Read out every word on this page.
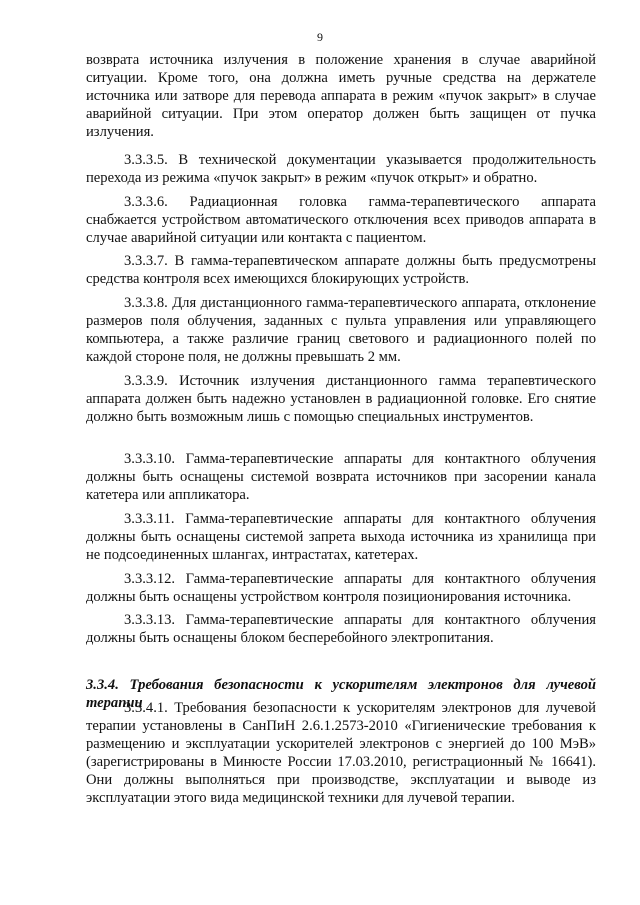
9

возврата источника излучения в положение хранения в случае аварийной ситуации. Кроме того, она должна иметь ручные средства на держателе источника или затворе для перевода аппарата в режим «пучок закрыт» в случае аварийной ситуации. При этом оператор должен быть защищен от пучка излучения.

3.3.3.5. В технической документации указывается продолжительность перехода из режима «пучок закрыт» в режим «пучок открыт» и обратно.

3.3.3.6. Радиационная головка гамма-терапевтического аппарата снабжается устройством автоматического отключения всех приводов аппарата в случае аварийной ситуации или контакта с пациентом.

3.3.3.7. В гамма-терапевтическом аппарате должны быть предусмотрены средства контроля всех имеющихся блокирующих устройств.

3.3.3.8. Для дистанционного гамма-терапевтического аппарата, отклонение размеров поля облучения, заданных с пульта управления или управляющего компьютера, а также различие границ светового и радиационного полей по каждой стороне поля, не должны превышать 2 мм.

3.3.3.9. Источник излучения дистанционного гамма терапевтического аппарата должен быть надежно установлен в радиационной головке. Его снятие должно быть возможным лишь с помощью специальных инструментов.

3.3.3.10. Гамма-терапевтические аппараты для контактного облучения должны быть оснащены системой возврата источников при засорении канала катетера или аппликатора.

3.3.3.11. Гамма-терапевтические аппараты для контактного облучения должны быть оснащены системой запрета выхода источника из хранилища при не подсоединенных шлангах, интрастатах, катетерах.

3.3.3.12. Гамма-терапевтические аппараты для контактного облучения должны быть оснащены устройством контроля позиционирования источника.

3.3.3.13. Гамма-терапевтические аппараты для контактного облучения должны быть оснащены блоком бесперебойного электропитания.

3.3.4. Требования безопасности к ускорителям электронов для лучевой терапии

3.3.4.1. Требования безопасности к ускорителям электронов для лучевой терапии установлены в СанПиН 2.6.1.2573-2010 «Гигиенические требования к размещению и эксплуатации ускорителей электронов с энергией до 100 МэВ» (зарегистрированы в Минюсте России 17.03.2010, регистрационный № 16641). Они должны выполняться при производстве, эксплуатации и выводе из эксплуатации этого вида медицинской техники для лучевой терапии.
